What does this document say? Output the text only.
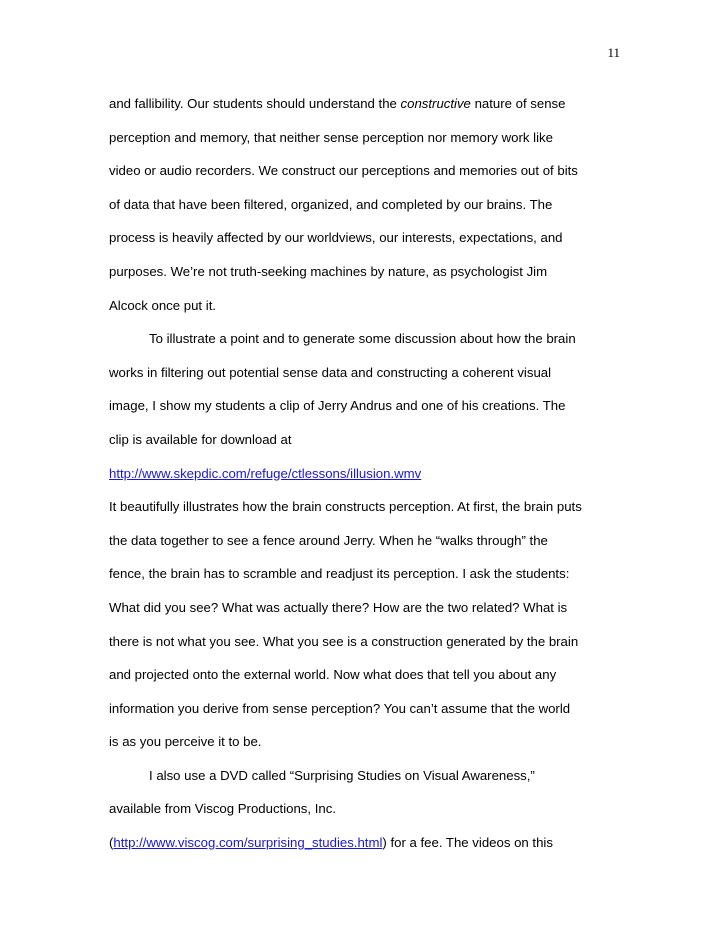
11
and fallibility. Our students should understand the constructive nature of sense
perception and memory, that neither sense perception nor memory work like
video or audio recorders. We construct our perceptions and memories out of bits
of data that have been filtered, organized, and completed by our brains. The
process is heavily affected by our worldviews, our interests, expectations, and
purposes. We’re not truth-seeking machines by nature, as psychologist Jim
Alcock once put it.
To illustrate a point and to generate some discussion about how the brain
works in filtering out potential sense data and constructing a coherent visual
image, I show my students a clip of Jerry Andrus and one of his creations. The
clip is available for download at
http://www.skepdic.com/refuge/ctlessons/illusion.wmv
It beautifully illustrates how the brain constructs perception. At first, the brain puts
the data together to see a fence around Jerry. When he “walks through” the
fence, the brain has to scramble and readjust its perception. I ask the students:
What did you see? What was actually there? How are the two related? What is
there is not what you see. What you see is a construction generated by the brain
and projected onto the external world. Now what does that tell you about any
information you derive from sense perception? You can’t assume that the world
is as you perceive it to be.
I also use a DVD called “Surprising Studies on Visual Awareness,”
available from Viscog Productions, Inc.
(http://www.viscog.com/surprising_studies.html) for a fee. The videos on this
